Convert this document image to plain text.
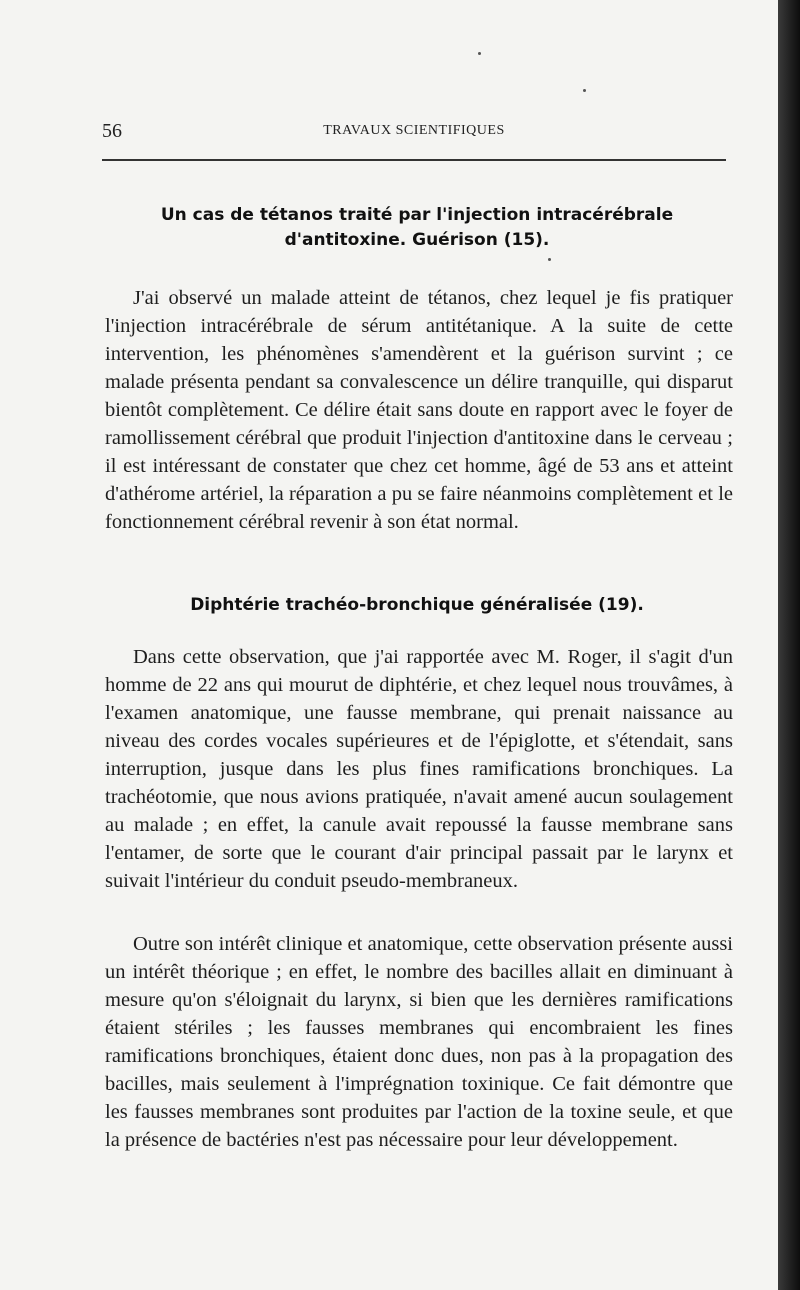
56	TRAVAUX SCIENTIFIQUES
Un cas de tétanos traité par l'injection intracérébrale
d'antitoxine. Guérison (15).

J'ai observé un malade atteint de tétanos, chez lequel je fis pratiquer l'injection intracérébrale de sérum antitétanique. A la suite de cette intervention, les phénomènes s'amendèrent et la guérison survint ; ce malade présenta pendant sa convalescence un délire tranquille, qui disparut bientôt complètement. Ce délire était sans doute en rapport avec le foyer de ramollissement cérébral que produit l'injection d'antitoxine dans le cerveau ; il est intéressant de constater que chez cet homme, âgé de 53 ans et atteint d'athérome artériel, la réparation a pu se faire néanmoins complètement et le fonctionnement cérébral revenir à son état normal.

Diphtérie trachéo-bronchique généralisée (19).

Dans cette observation, que j'ai rapportée avec M. Roger, il s'agit d'un homme de 22 ans qui mourut de diphtérie, et chez lequel nous trouvâmes, à l'examen anatomique, une fausse membrane, qui prenait naissance au niveau des cordes vocales supérieures et de l'épiglotte, et s'étendait, sans interruption, jusque dans les plus fines ramifications bronchiques. La trachéotomie, que nous avions pratiquée, n'avait amené aucun soulagement au malade ; en effet, la canule avait repoussé la fausse membrane sans l'entamer, de sorte que le courant d'air principal passait par le larynx et suivait l'intérieur du conduit pseudo-membraneux.

Outre son intérêt clinique et anatomique, cette observation présente aussi un intérêt théorique ; en effet, le nombre des bacilles allait en diminuant à mesure qu'on s'éloignait du larynx, si bien que les dernières ramifications étaient stériles ; les fausses membranes qui encombraient les fines ramifications bronchiques, étaient donc dues, non pas à la propagation des bacilles, mais seulement à l'imprégnation toxinique. Ce fait démontre que les fausses membranes sont produites par l'action de la toxine seule, et que la présence de bactéries n'est pas nécessaire pour leur développement.
